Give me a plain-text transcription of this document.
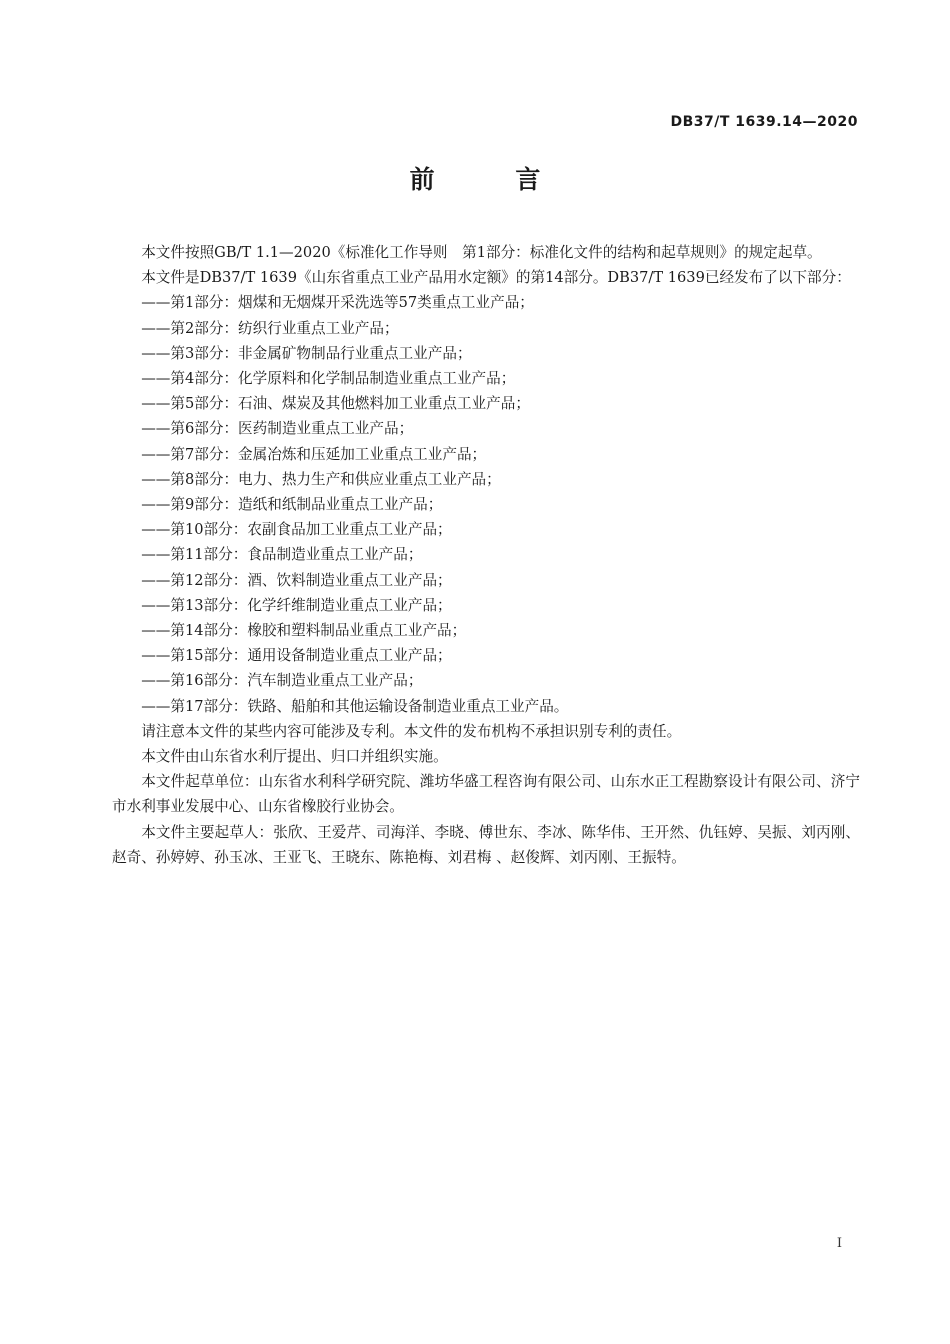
DB37/T 1639.14—2020
前 言

本文件按照GB/T 1.1—2020《标准化工作导则　第1部分：标准化文件的结构和起草规则》的规定起草。

本文件是DB37/T 1639《山东省重点工业产品用水定额》的第14部分。DB37/T 1639已经发布了以下部分：

——第1部分：烟煤和无烟煤开采洗选等57类重点工业产品；
——第2部分：纺织行业重点工业产品；
——第3部分：非金属矿物制品行业重点工业产品；
——第4部分：化学原料和化学制品制造业重点工业产品；
——第5部分：石油、煤炭及其他燃料加工业重点工业产品；
——第6部分：医药制造业重点工业产品；
——第7部分：金属冶炼和压延加工业重点工业产品；
——第8部分：电力、热力生产和供应业重点工业产品；
——第9部分：造纸和纸制品业重点工业产品；
——第10部分：农副食品加工业重点工业产品；
——第11部分：食品制造业重点工业产品；
——第12部分：酒、饮料制造业重点工业产品；
——第13部分：化学纤维制造业重点工业产品；
——第14部分：橡胶和塑料制品业重点工业产品；
——第15部分：通用设备制造业重点工业产品；
——第16部分：汽车制造业重点工业产品；
——第17部分：铁路、船舶和其他运输设备制造业重点工业产品。

请注意本文件的某些内容可能涉及专利。本文件的发布机构不承担识别专利的责任。

本文件由山东省水利厅提出、归口并组织实施。

本文件起草单位：山东省水利科学研究院、潍坊华盛工程咨询有限公司、山东水正工程勘察设计有限公司、济宁市水利事业发展中心、山东省橡胶行业协会。

本文件主要起草人：张欣、王爱芹、司海洋、李晓、傅世东、李冰、陈华伟、王开然、仇钰婷、吴振、刘丙刚、赵奇、孙婷婷、孙玉冰、王亚飞、王晓东、陈艳梅、刘君梅 、赵俊辉、刘丙刚、王振特。

I
